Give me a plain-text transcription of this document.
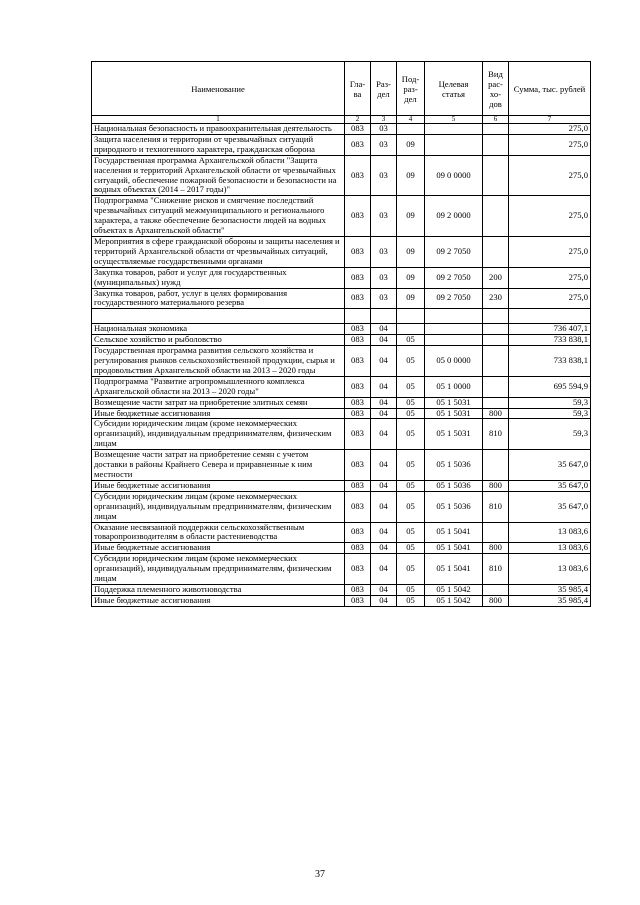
Наименование	Гла-ва	Раз-дел	Под-раз-дел	Целевая статья	Вид рас-хо-дов	Сумма, тыс. рублей
1	2	3	4	5	6	7
Национальная безопасность и правоохранительная деятельность	083	03				275,0
Защита населения и территории от чрезвычайных ситуаций природного и техногенного характера, гражданская оборона	083	03	09			275,0
Государственная программа Архангельской области "Защита населения и территорий Архангельской области от чрезвычайных ситуаций, обеспечение пожарной безопасности и безопасности на водных объектах (2014 – 2017 годы)"	083	03	09	09 0 0000		275,0
Подпрограмма "Снижение рисков и смягчение последствий чрезвычайных ситуаций межмуниципального и регионального характера, а также обеспечение безопасности людей на водных объектах в Архангельской области"	083	03	09	09 2 0000		275,0
Мероприятия в сфере гражданской обороны и защиты населения и территорий Архангельской области от чрезвычайных ситуаций, осуществляемые государственными органами	083	03	09	09 2 7050		275,0
Закупка товаров, работ и услуг для государственных (муниципальных) нужд	083	03	09	09 2 7050	200	275,0
Закупка товаров, работ, услуг в целях формирования государственного материального резерва	083	03	09	09 2 7050	230	275,0

Национальная экономика	083	04				736 407,1
Сельское хозяйство и рыболовство	083	04	05			733 838,1
Государственная программа развития сельского хозяйства и регулирования рынков сельскохозяйственной продукции, сырья и продовольствия Архангельской области на 2013 – 2020 годы	083	04	05	05 0 0000		733 838,1
Подпрограмма "Развитие агропромышленного комплекса Архангельской области на 2013 – 2020 годы"	083	04	05	05 1 0000		695 594,9
Возмещение части затрат на приобретение элитных семян	083	04	05	05 1 5031		59,3
Иные бюджетные ассигнования	083	04	05	05 1 5031	800	59,3
Субсидии юридическим лицам (кроме некоммерческих организаций), индивидуальным предпринимателям, физическим лицам	083	04	05	05 1 5031	810	59,3
Возмещение части затрат на приобретение семян с учетом доставки в районы Крайнего Севера и приравненные к ним местности	083	04	05	05 1 5036		35 647,0
Иные бюджетные ассигнования	083	04	05	05 1 5036	800	35 647,0
Субсидии юридическим лицам (кроме некоммерческих организаций), индивидуальным предпринимателям, физическим лицам	083	04	05	05 1 5036	810	35 647,0
Оказание несвязанной поддержки сельскохозяйственным товаропроизводителям в области растениеводства	083	04	05	05 1 5041		13 083,6
Иные бюджетные ассигнования	083	04	05	05 1 5041	800	13 083,6
Субсидии юридическим лицам (кроме некоммерческих организаций), индивидуальным предпринимателям, физическим лицам	083	04	05	05 1 5041	810	13 083,6
Поддержка племенного животноводства	083	04	05	05 1 5042		35 985,4
Иные бюджетные ассигнования	083	04	05	05 1 5042	800	35 985,4
37
